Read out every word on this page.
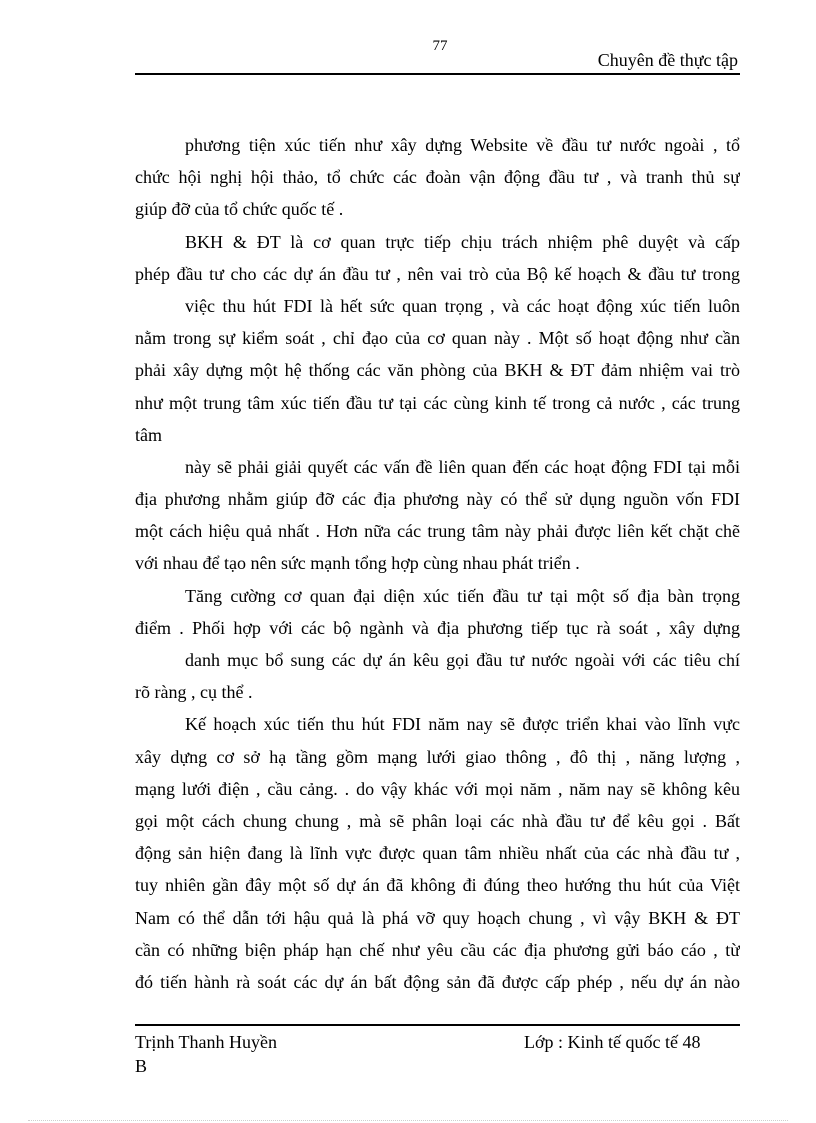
77
Chuyên đề thực tập
phương tiện xúc tiến như xây dựng Website về đầu tư nước ngoài , tổ
chức hội nghị hội thảo, tổ chức các đoàn vận động đầu tư , và tranh thủ sự
giúp đỡ của tổ chức quốc tế .
BKH & ĐT là cơ quan trực tiếp chịu trách nhiệm phê duyệt và cấp
phép đầu tư cho các dự án đầu tư , nên vai trò của Bộ kế hoạch & đầu tư trong
việc thu hút FDI là hết sức quan trọng , và các hoạt động xúc tiến luôn
nằm trong sự kiểm soát , chỉ đạo của cơ quan này . Một số hoạt động như cần
phải xây dựng một hệ thống các văn phòng của BKH & ĐT đảm nhiệm vai trò
như một trung tâm xúc tiến đầu tư tại các cùng kinh tế trong cả nước , các trung
tâm
này sẽ phải giải quyết các vấn đề liên quan đến các hoạt động FDI tại mỗi
địa phương nhằm giúp đỡ các địa phương này có thể sử dụng nguồn vốn FDI
một cách hiệu quả nhất . Hơn nữa các trung tâm này phải được liên kết chặt chẽ
với nhau để tạo nên sức mạnh tổng hợp cùng nhau phát triển .
Tăng cường cơ quan đại diện xúc tiến đầu tư tại một số địa bàn trọng
điểm . Phối hợp với các bộ ngành và địa phương tiếp tục rà soát , xây dựng
danh mục bổ sung các dự án kêu gọi đầu tư nước ngoài với các tiêu chí
rõ ràng , cụ thể .
Kế hoạch xúc tiến thu hút FDI năm nay sẽ được triển khai vào lĩnh vực
xây dựng cơ sở hạ tầng gồm mạng lưới giao thông , đô thị , năng lượng ,
mạng lưới điện , cầu cảng. . do vậy khác với mọi năm , năm nay sẽ không kêu
gọi một cách chung chung , mà sẽ phân loại các nhà đầu tư để kêu gọi . Bất
động sản hiện đang là lĩnh vực được quan tâm nhiều nhất của các nhà đầu tư ,
tuy nhiên gần đây một số dự án đã không đi đúng theo hướng thu hút của Việt
Nam có thể dẫn tới hậu quả là phá vỡ quy hoạch chung , vì vậy BKH & ĐT
cần có những biện pháp hạn chế như yêu cầu các địa phương gửi báo cáo , từ
đó tiến hành rà soát các dự án bất động sản đã được cấp phép , nếu dự án nào
Trịnh Thanh Huyền
B
Lớp : Kinh tế quốc tế 48
